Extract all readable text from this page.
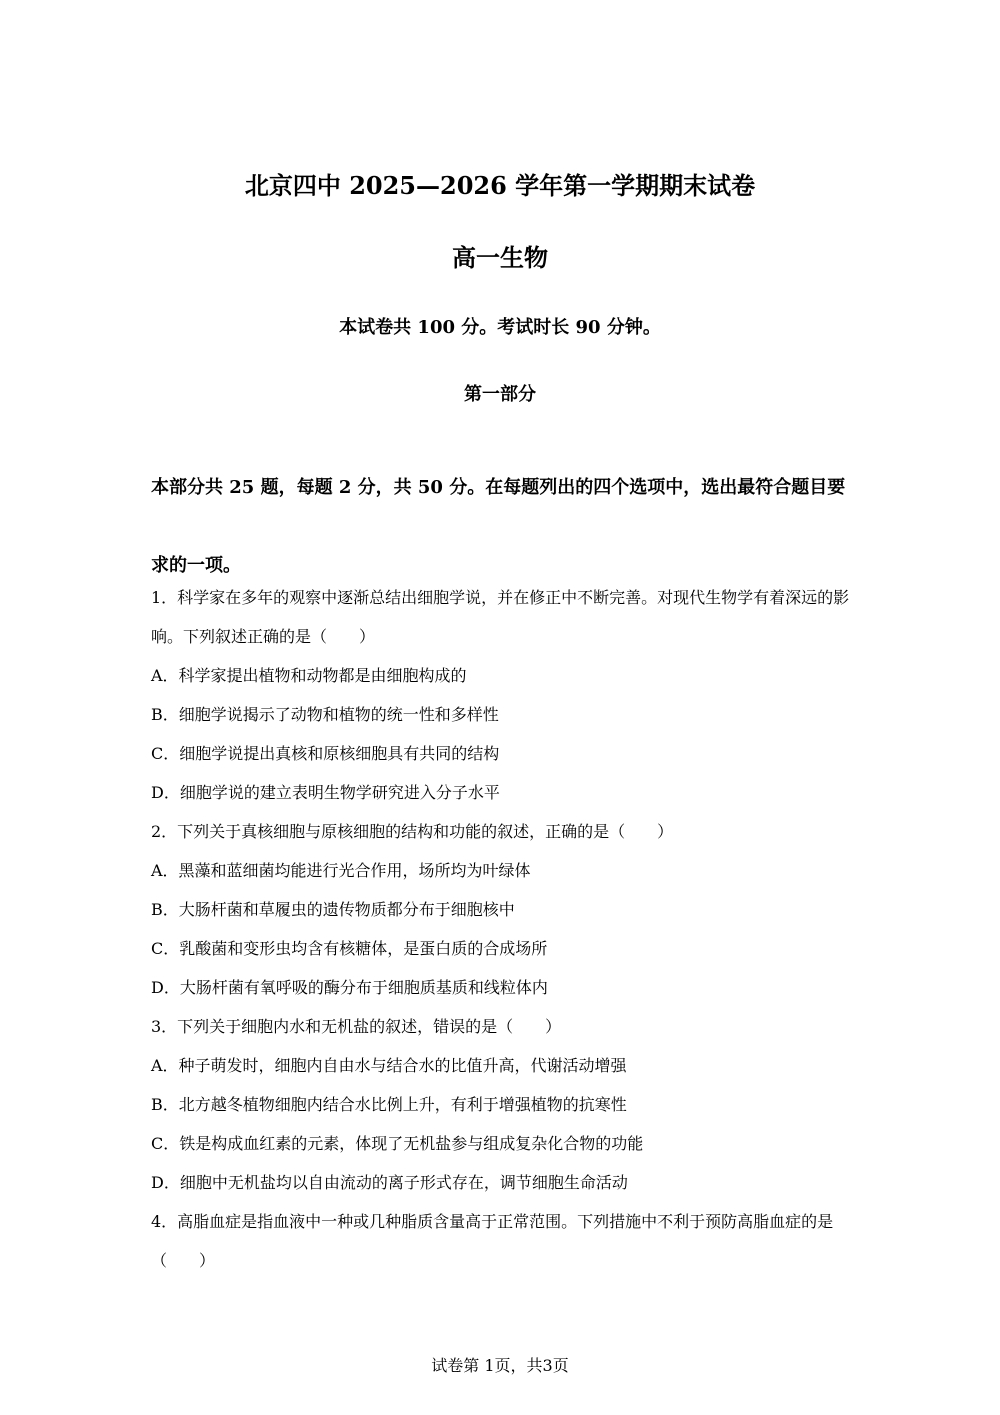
北京四中 2025—2026 学年第一学期期末试卷
高一生物
本试卷共 100 分。考试时长 90 分钟。
第一部分
本部分共 25 题，每题 2 分，共 50 分。在每题列出的四个选项中，选出最符合题目要求的一项。

1．科学家在多年的观察中逐渐总结出细胞学说，并在修正中不断完善。对现代生物学有着深远的影响。下列叙述正确的是（　　）

A．科学家提出植物和动物都是由细胞构成的

B．细胞学说揭示了动物和植物的统一性和多样性

C．细胞学说提出真核和原核细胞具有共同的结构

D．细胞学说的建立表明生物学研究进入分子水平

2．下列关于真核细胞与原核细胞的结构和功能的叙述，正确的是（　　）

A．黑藻和蓝细菌均能进行光合作用，场所均为叶绿体

B．大肠杆菌和草履虫的遗传物质都分布于细胞核中

C．乳酸菌和变形虫均含有核糖体，是蛋白质的合成场所

D．大肠杆菌有氧呼吸的酶分布于细胞质基质和线粒体内

3．下列关于细胞内水和无机盐的叙述，错误的是（　　）

A．种子萌发时，细胞内自由水与结合水的比值升高，代谢活动增强

B．北方越冬植物细胞内结合水比例上升，有利于增强植物的抗寒性

C．铁是构成血红素的元素，体现了无机盐参与组成复杂化合物的功能

D．细胞中无机盐均以自由流动的离子形式存在，调节细胞生命活动

4．高脂血症是指血液中一种或几种脂质含量高于正常范围。下列措施中不利于预防高脂血症的是（　　）

试卷第 1页，共3页
